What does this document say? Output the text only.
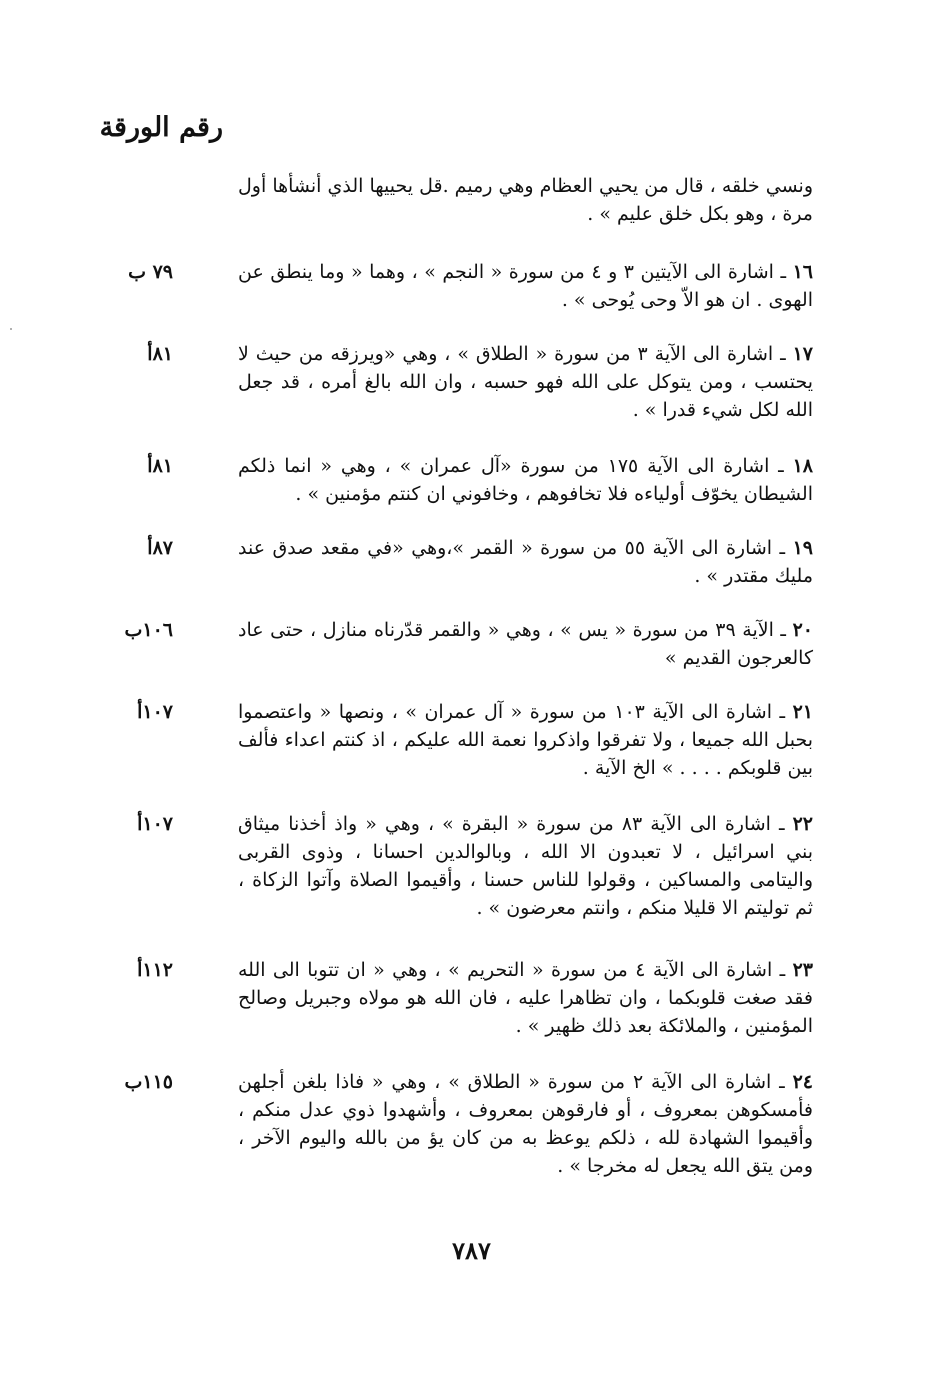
رقم الورقة
ونسي خلقه ، قال من يحيي العظام وهي رميم .قل يحييها الذي أنشأها أول مرة ، وهو بكل خلق عليم » .
١٦ ـ اشارة الى الآيتين ٣ و ٤ من سورة « النجم » ، وهما « وما ينطق عن الهوى . ان هو الاّ وحى يُوحى » .
٧٩ ب
١٧ ـ اشارة الى الآية ٣ من سورة « الطلاق » ، وهي «ويرزقه من حيث لا يحتسب ، ومن يتوكل على الله فهو حسبه ، وان الله بالغ أمره ، قد جعل الله لكل شيء قدرا » .
٨١أ
١٨ ـ اشارة الى الآية ١٧٥ من سورة «آل عمران » ، وهي « انما ذلكم الشيطان يخوّف أولياءه فلا تخافوهم ، وخافوني ان كنتم مؤمنين » .
٨١أ
١٩ ـ اشارة الى الآية ٥٥ من سورة « القمر »،وهي «في مقعد صدق عند مليك مقتدر » .
٨٧أ
٢٠ ـ الآية ٣٩ من سورة « يس » ، وهي « والقمر قدّرناه منازل ، حتى عاد كالعرجون القديم »
١٠٦ب
٢١ ـ اشارة الى الآية ١٠٣ من سورة « آل عمران » ، ونصها « واعتصموا بحبل الله جميعا ، ولا تفرقوا واذكروا نعمة الله عليكم ، اذ كنتم اعداء فألف بين قلوبكم . . . . » الخ الآية .
١٠٧أ
٢٢ ـ اشارة الى الآية ٨٣ من سورة « البقرة » ، وهي « واذ أخذنا ميثاق بني اسرائيل ، لا تعبدون الا الله ، وبالوالدين احسانا ، وذوى القربى واليتامى والمساكين ، وقولوا للناس حسنا ، وأقيموا الصلاة وآتوا الزكاة ، ثم توليتم الا قليلا منكم ، وانتم معرضون » .
١٠٧أ
٢٣ ـ اشارة الى الآية ٤ من سورة « التحريم » ، وهي « ان تتوبا الى الله فقد صغت قلوبكما ، وان تظاهرا عليه ، فان الله هو مولاه وجبريل وصالح المؤمنين ، والملائكة بعد ذلك ظهير » .
١١٢أ
٢٤ ـ اشارة الى الآية ٢ من سورة « الطلاق » ، وهي « فاذا بلغن أجلهن فأمسكوهن بمعروف ، أو فارقوهن بمعروف ، وأشهدوا ذوي عدل منكم ، وأقيموا الشهادة لله ، ذلكم يوعظ به من كان يؤ من بالله واليوم الآخر ، ومن يتق الله يجعل له مخرجا » .
١١٥ب
٧٨٧
